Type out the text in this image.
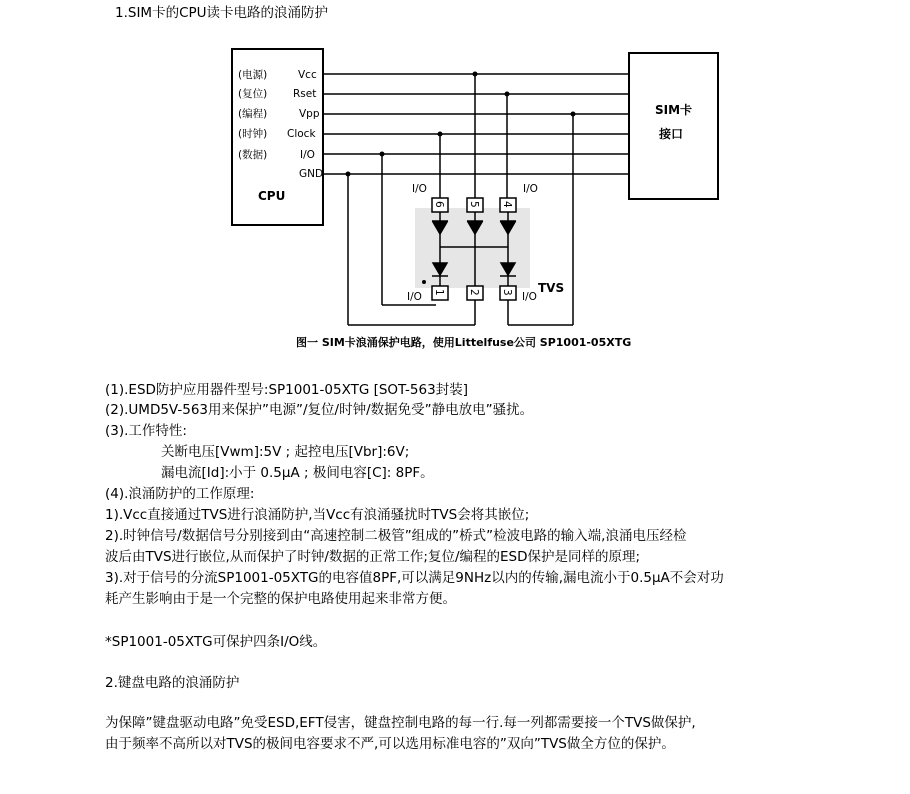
1.SIM卡的CPU读卡电路的浪涌防护
CPU
SIM卡
接口
(电源)	Vcc
(复位) Rset
(编程)	Vpp
(时钟) Clock
(数据)	I/O
GND
6 5 4
1 2 3
I/O	I/O
I/O	I/O
TVS
图一 SIM卡浪涌保护电路，使用Littelfuse公司 SP1001-05XTG
(1).ESD防护应用器件型号:SP1001-05XTG [SOT-563封装]
(2).UMD5V-563用来保护”电源”/复位/时钟/数据免受”静电放电”骚扰。
(3).工作特性:
关断电压[Vwm]:5V ; 起控电压[Vbr]:6V;
漏电流[Id]:小于 0.5μA ; 极间电容[C]: 8PF。
(4).浪涌防护的工作原理:
1).Vcc直接通过TVS进行浪涌防护,当Vcc有浪涌骚扰时TVS会将其嵌位;
2).时钟信号/数据信号分别接到由“高速控制二极管”组成的”桥式”检波电路的输入端,浪涌电压经检
波后由TVS进行嵌位,从而保护了时钟/数据的正常工作;复位/编程的ESD保护是同样的原理;
3).对于信号的分流SP1001-05XTG的电容值8PF,可以满足9NHz以内的传输,漏电流小于0.5μA不会对功
耗产生影响由于是一个完整的保护电路使用起来非常方便。
*SP1001-05XTG可保护四条I/O线。
2.键盘电路的浪涌防护
为保障”键盘驱动电路”免受ESD,EFT侵害，键盘控制电路的每一行.每一列都需要接一个TVS做保护,
由于频率不高所以对TVS的极间电容要求不严,可以选用标准电容的”双向”TVS做全方位的保护。
